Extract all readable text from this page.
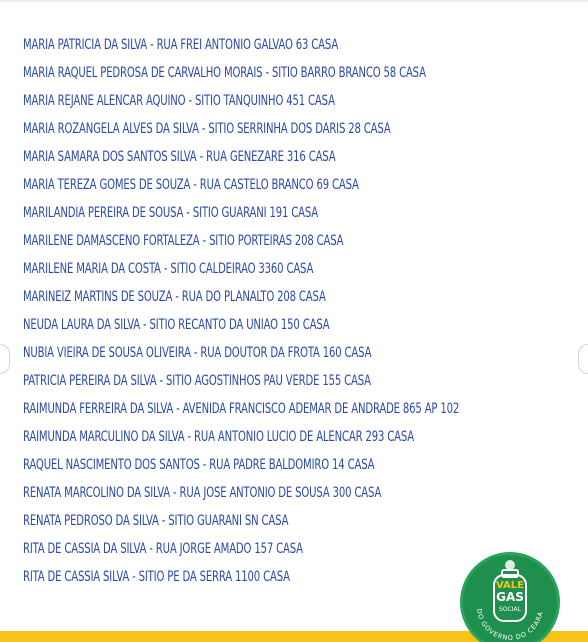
MARIA PATRICIA DA SILVA - RUA FREI ANTONIO GALVAO 63 CASA
MARIA RAQUEL PEDROSA DE CARVALHO MORAIS - SITIO BARRO BRANCO 58 CASA
MARIA REJANE ALENCAR AQUINO - SITIO TANQUINHO 451 CASA
MARIA ROZANGELA ALVES DA SILVA - SITIO SERRINHA DOS DARIS 28 CASA
MARIA SAMARA DOS SANTOS SILVA - RUA GENEZARE 316 CASA
MARIA TEREZA GOMES DE SOUZA - RUA CASTELO BRANCO 69 CASA
MARILANDIA PEREIRA DE SOUSA - SITIO GUARANI 191 CASA
MARILENE DAMASCENO FORTALEZA - SITIO PORTEIRAS 208 CASA
MARILENE MARIA DA COSTA - SITIO CALDEIRAO 3360 CASA
MARINEIZ MARTINS DE SOUZA - RUA DO PLANALTO 208 CASA
NEUDA LAURA DA SILVA - SITIO RECANTO DA UNIAO 150 CASA
NUBIA VIEIRA DE SOUSA OLIVEIRA - RUA DOUTOR DA FROTA 160 CASA
PATRICIA PEREIRA DA SILVA - SITIO AGOSTINHOS PAU VERDE 155 CASA
RAIMUNDA FERREIRA DA SILVA - AVENIDA FRANCISCO ADEMAR DE ANDRADE 865 AP 102
RAIMUNDA MARCULINO DA SILVA - RUA ANTONIO LUCIO DE ALENCAR 293 CASA
RAQUEL NASCIMENTO DOS SANTOS - RUA PADRE BALDOMIRO 14 CASA
RENATA MARCOLINO DA SILVA - RUA JOSE ANTONIO DE SOUSA 300 CASA
RENATA PEDROSO DA SILVA - SITIO GUARANI SN CASA
RITA DE CASSIA DA SILVA - RUA JORGE AMADO 157 CASA
RITA DE CASSIA SILVA - SITIO PE DA SERRA 1100 CASA
VALE
GAS
SOCIAL
DO GOVERNO DO CEARA
